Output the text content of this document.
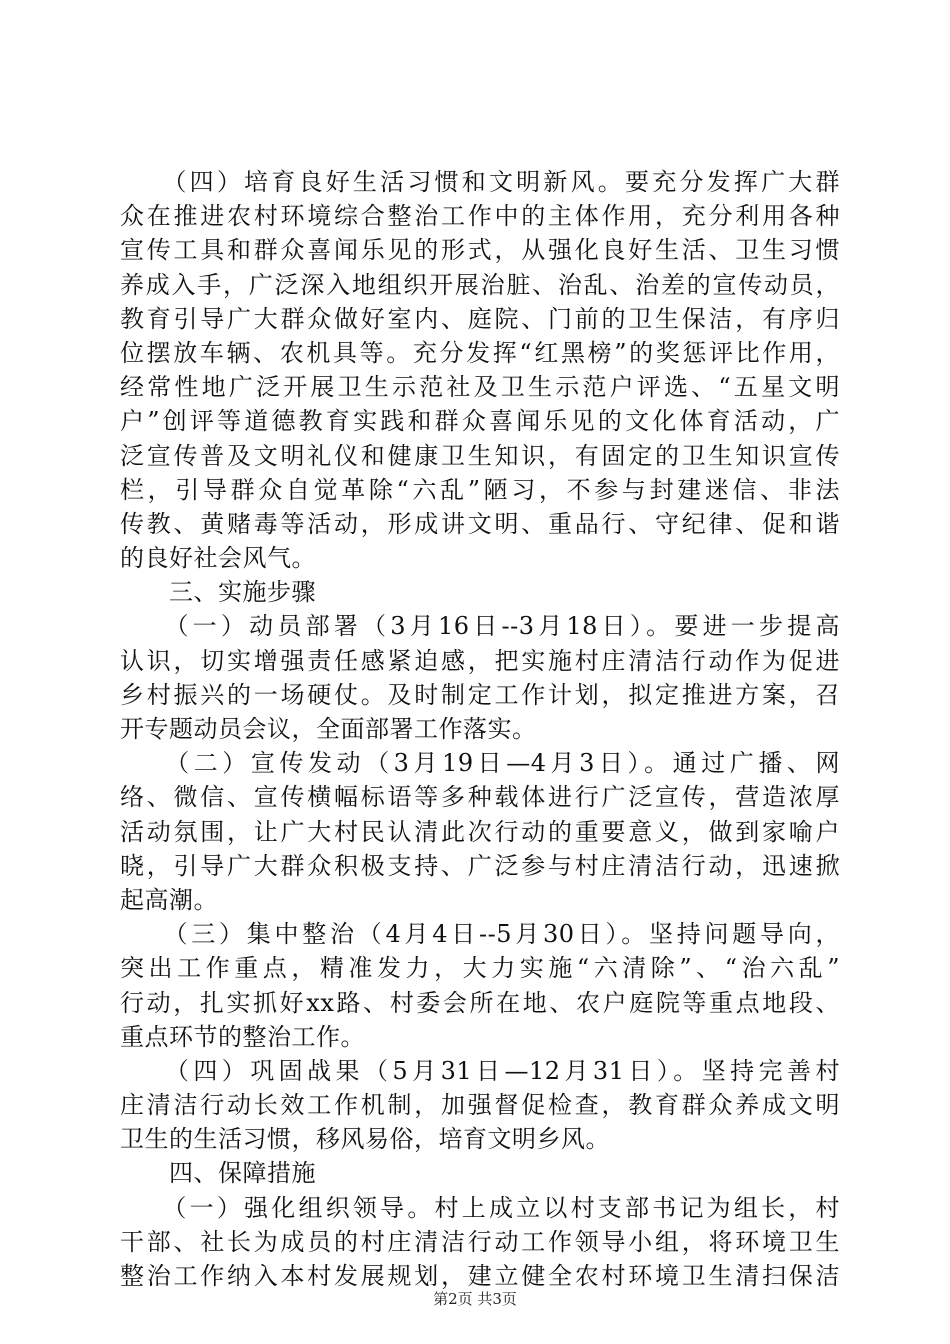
　　（四）培育良好生活习惯和文明新风。要充分发挥广大群
众在推进农村环境综合整治工作中的主体作用，充分利用各种
宣传工具和群众喜闻乐见的形式，从强化良好生活、卫生习惯
养成入手，广泛深入地组织开展治脏、治乱、治差的宣传动员，
教育引导广大群众做好室内、庭院、门前的卫生保洁，有序归
位摆放车辆、农机具等。充分发挥“红黑榜”的奖惩评比作用，
经常性地广泛开展卫生示范社及卫生示范户评选、“五星文明
户”创评等道德教育实践和群众喜闻乐见的文化体育活动，广
泛宣传普及文明礼仪和健康卫生知识，有固定的卫生知识宣传
栏，引导群众自觉革除“六乱”陋习，不参与封建迷信、非法
传教、黄赌毒等活动，形成讲文明、重品行、守纪律、促和谐
的良好社会风气。
　　三、实施步骤
　　（一）动员部署（3月16日--3月18日）。要进一步提高
认识，切实增强责任感紧迫感，把实施村庄清洁行动作为促进
乡村振兴的一场硬仗。及时制定工作计划，拟定推进方案，召
开专题动员会议，全面部署工作落实。
　　（二）宣传发动（3月19日—4月3日）。通过广播、网
络、微信、宣传横幅标语等多种载体进行广泛宣传，营造浓厚
活动氛围，让广大村民认清此次行动的重要意义，做到家喻户
晓，引导广大群众积极支持、广泛参与村庄清洁行动，迅速掀
起高潮。
　　（三）集中整治（4月4日--5月30日）。坚持问题导向，
突出工作重点，精准发力，大力实施“六清除”、“治六乱”
行动，扎实抓好xx路、村委会所在地、农户庭院等重点地段、
重点环节的整治工作。
　　（四）巩固战果（5月31日—12月31日）。坚持完善村
庄清洁行动长效工作机制，加强督促检查，教育群众养成文明
卫生的生活习惯，移风易俗，培育文明乡风。
　　四、保障措施
　　（一）强化组织领导。村上成立以村支部书记为组长，村
干部、社长为成员的村庄清洁行动工作领导小组，将环境卫生
整治工作纳入本村发展规划，建立健全农村环境卫生清扫保洁
第2页 共3页
